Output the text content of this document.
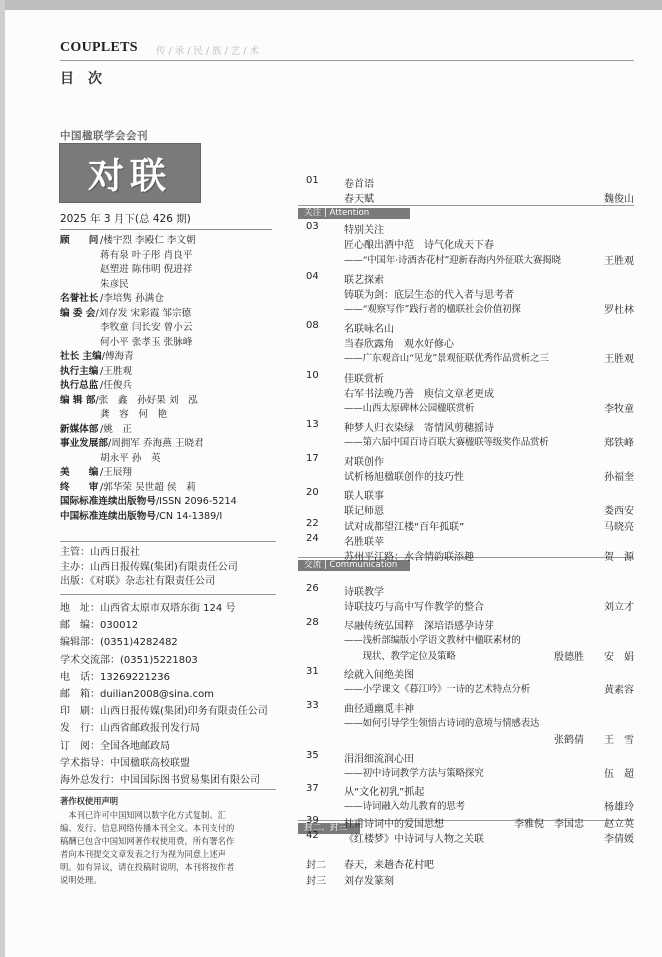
COUPLETS 传/承/民/族/艺/术
目次
中国楹联学会会刊
对联
2025 年 3 月下(总 426 期)
顾　　问 /楼宇烈 李殿仁 李文朝
蒋有泉 叶子彤 肖良平
赵塑进 陈伟明 倪进祥
朱彦民
名誉社长 /李培隽 孙满仓
编 委 会 /刘存发 宋彩霞 邹宗德
李牧童 闫长安 曾小云
何小平 张孝玉 张脉峰
社长 主编 /傅海青
执行主编 /王胜观
执行总监 /任俊兵
编 辑 部 /张　鑫　孙好果 刘　泓
龚　容　何　艳
新媒体部 /姚　正
事业发展部 /周拥军 乔海燕 王晓君
胡永平 孙　英
美　　编 /王辰翔
终　　审 /郭华荣 吴世超 侯　莉
国际标准连续出版物号 /ISSN 2096-5214
中国标准连续出版物号 /CN 14-1389/I
主管：山西日报社
主办：山西日报传媒(集团)有限责任公司
出版：《对联》杂志社有限责任公司
地　址：山西省太原市双塔东街 124 号
邮　编：030012
编辑部：(0351)4282482
学术交流部：(0351)5221803
电　话：13269221236
邮　箱：duilian2008@sina.com
印　刷：山西日报传媒(集团)印务有限责任公司
发　行：山西省邮政报刊发行局
订　阅：全国各地邮政局
学术指导：中国楹联高校联盟
海外总发行：中国国际图书贸易集团有限公司
著作权使用声明
　本刊已许可中国知网以数字化方式复制、汇
编、发行、信息网络传播本刊全文。本刊支付的
稿酬已包含中国知网著作权使用费，所有署名作
者向本刊提交文章发表之行为视为同意上述声
明。如有异议，请在投稿时说明，本刊将按作者
说明处理。
关注 | Attention
交流 | Communication
封二、封三
01	卷首语
春天赋	魏俊山
03	特别关注
匠心酿出酒中范　诗气化成天下春
——“中国年·诗酒杏花村”迎新春海内外征联大赛揭晓	王胜观
04	联艺探索
铸联为剑：底层生态的代入者与思考者
——“观察写作”践行者的楹联社会价值初探	罗杜林
08	名联咏名山
当春欣露角　观水好修心
——广东观音山“见龙”景观征联优秀作品赏析之三	王胜观
10	佳联赏析
右军书法晚乃善　庾信文章老更成
——山西太原碑林公园楹联赏析	李牧童
13	种梦人归衣染绿　寄情风剪穗摇诗
——第六届中国百诗百联大赛楹联等级奖作品赏析	郑铁峰
17	对联创作
试析杨旭楹联创作的技巧性	孙福奎
20	联人联事
联记师恩	娄西安
22	试对成都望江楼“百年孤联”	马晓亮
24	名胜联苹
苏州平江路：水含情韵联添趣	贺　源
26	诗联教学
诗联技巧与高中写作教学的整合	刘立才
28	尽融传统弘国粹　深培语感孕诗芽
——浅析部编版小学语文教材中楹联素材的
　　现状、教学定位及策略	殷德胜 安　娟
31	绘就入间绝美图
——小学课文《暮江吟》一诗的艺术特点分析	黄素容
33	曲径通幽觅丰神
——如何引导学生领悟古诗词的意境与情感表达
张鹤倩 王　雪
35	涓涓细流润心田
——初中诗词教学方法与策略探究	伍　超
37	从“文化初乳”抓起
——诗词融入幼儿教育的思考	杨雄玲
39	杜甫诗词中的爱国思想	李雅倪　李国忠 赵立英
42	《红楼梦》中诗词与人物之关联	李倩媛
封二 春天，来趟杏花村吧
封三 刘存发篆刻
